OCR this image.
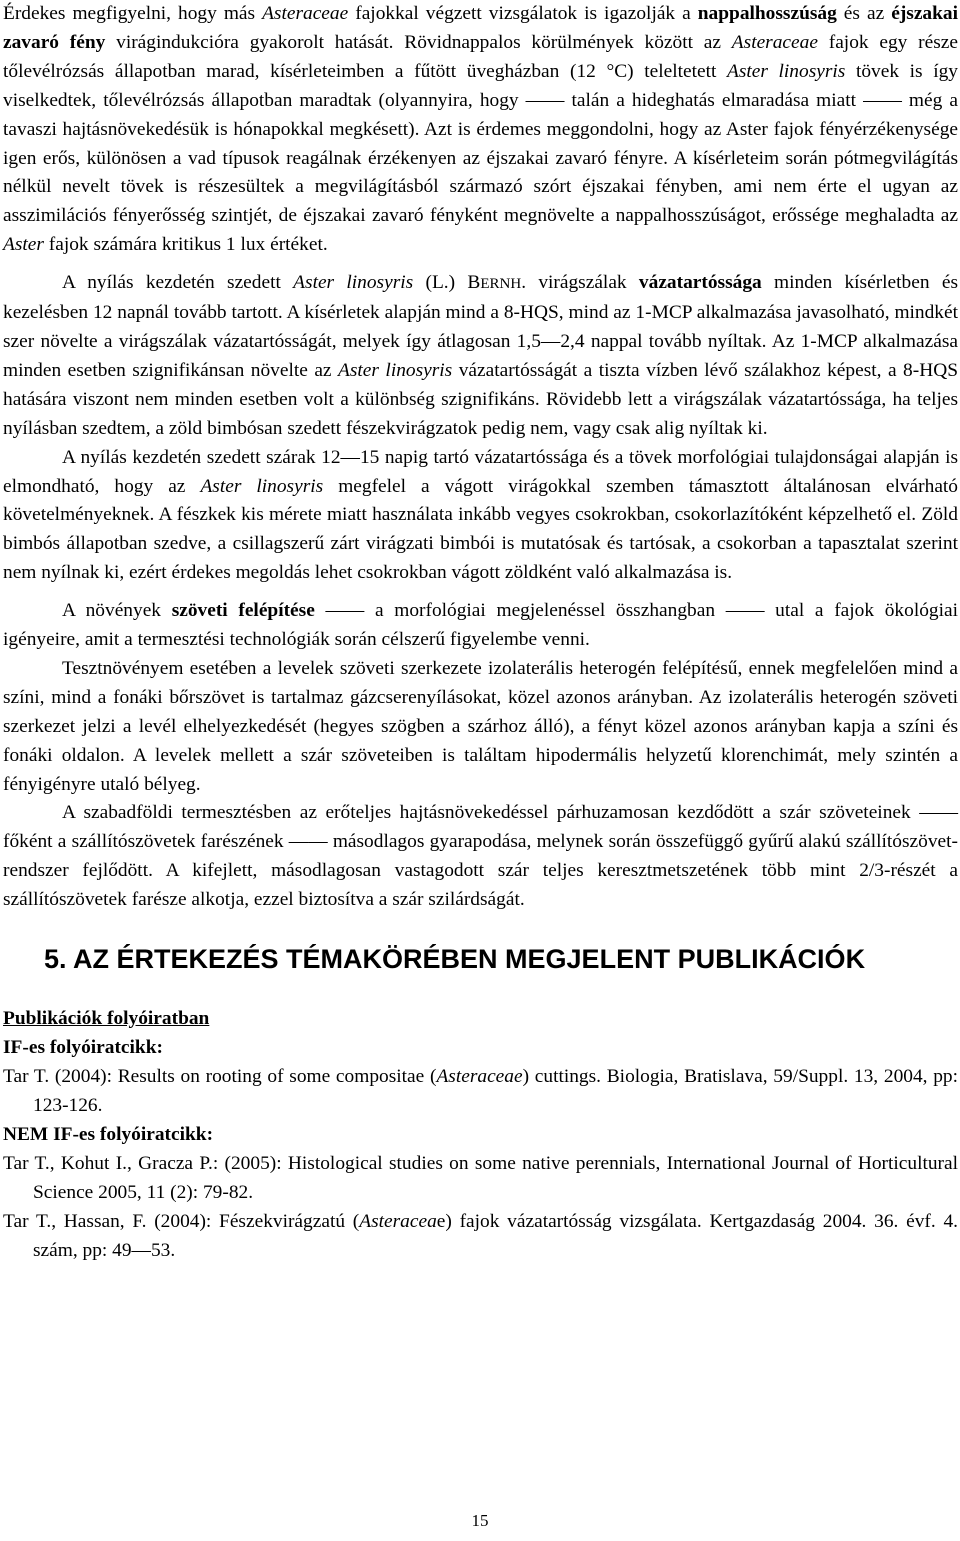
Érdekes megfigyelni, hogy más Asteraceae fajokkal végzett vizsgálatok is igazolják a nappalhosszúság és az éjszakai zavaró fény virágindukcióra gyakorolt hatását. Rövidnappalos körülmények között az Asteraceae fajok egy része tőlevélrózsás állapotban marad, kísérleteimben a fűtött üvegházban (12 °C) teleltetett Aster linosyris tövek is így viselkedtek, tőlevélrózsás állapotban maradtak (olyannyira, hogy —— talán a hideghatás elmaradása miatt —— még a tavaszi hajtásnövekedésük is hónapokkal megkésett). Azt is érdemes meggondolni, hogy az Aster fajok fényérzékenysége igen erős, különösen a vad típusok reagálnak érzékenyen az éjszakai zavaró fényre. A kísérleteim során pótmegvilágítás nélkül nevelt tövek is részesültek a megvilágításból származó szórt éjszakai fényben, ami nem érte el ugyan az asszimilációs fényerősség szintjét, de éjszakai zavaró fényként megnövelte a nappalhosszúságot, erőssége meghaladta az Aster fajok számára kritikus 1 lux értéket.

A nyílás kezdetén szedett Aster linosyris (L.) BERNH. virágszálak vázatartóssága minden kísérletben és kezelésben 12 napnál tovább tartott. A kísérletek alapján mind a 8-HQS, mind az 1-MCP alkalmazása javasolható, mindkét szer növelte a virágszálak vázatartósságát, melyek így átlagosan 1,5—2,4 nappal tovább nyíltak. Az 1-MCP alkalmazása minden esetben szignifikánsan növelte az Aster linosyris vázatartósságát a tiszta vízben lévő szálakhoz képest, a 8-HQS hatására viszont nem minden esetben volt a különbség szignifikáns. Rövidebb lett a virágszálak vázatartóssága, ha teljes nyílásban szedtem, a zöld bimbósan szedett fészekvirágzatok pedig nem, vagy csak alig nyíltak ki.

A nyílás kezdetén szedett szárak 12—15 napig tartó vázatartóssága és a tövek morfológiai tulajdonságai alapján is elmondható, hogy az Aster linosyris megfelel a vágott virágokkal szemben támasztott általánosan elvárható követelményeknek. A fészkek kis mérete miatt használata inkább vegyes csokrokban, csokorlazítóként képzelhető el. Zöld bimbós állapotban szedve, a csillagszerű zárt virágzati bimbói is mutatósak és tartósak, a csokorban a tapasztalat szerint nem nyílnak ki, ezért érdekes megoldás lehet csokrokban vágott zöldként való alkalmazása is.

A növények szöveti felépítése —— a morfológiai megjelenéssel összhangban —— utal a fajok ökológiai igényeire, amit a termesztési technológiák során célszerű figyelembe venni.

Tesztnövényem esetében a levelek szöveti szerkezete izolaterális heterogén felépítésű, ennek megfelelően mind a színi, mind a fonáki bőrszövet is tartalmaz gázcserenyílásokat, közel azonos arányban. Az izolaterális heterogén szöveti szerkezet jelzi a levél elhelyezkedését (hegyes szögben a szárhoz álló), a fényt közel azonos arányban kapja a színi és fonáki oldalon. A levelek mellett a szár szöveteiben is találtam hipodermális helyzetű klorenchimát, mely szintén a fényigényre utaló bélyeg.

A szabadföldi termesztésben az erőteljes hajtásnövekedéssel párhuzamosan kezdődött a szár szöveteinek —— főként a szállítószövetek farészének —— másodlagos gyarapodása, melynek során összefüggő gyűrű alakú szállítószövet-rendszer fejlődött. A kifejlett, másodlagosan vastagodott szár teljes keresztmetszetének több mint 2/3-részét a szállítószövetek farésze alkotja, ezzel biztosítva a szár szilárdságát.

5. AZ ÉRTEKEZÉS TÉMAKÖRÉBEN MEGJELENT PUBLIKÁCIÓK
Publikációk folyóiratban
IF-es folyóiratcikk:

Tar T. (2004): Results on rooting of some compositae (Asteraceae) cuttings. Biologia, Bratislava, 59/Suppl. 13, 2004, pp: 123-126.

NEM IF-es folyóiratcikk:

Tar T., Kohut I., Gracza P.: (2005): Histological studies on some native perennials, International Journal of Horticultural Science 2005, 11 (2): 79-82.

Tar T., Hassan, F. (2004): Fészekvirágzatú (Asteraceae) fajok vázatartósság vizsgálata. Kertgazdaság 2004. 36. évf. 4. szám, pp: 49—53.

15
